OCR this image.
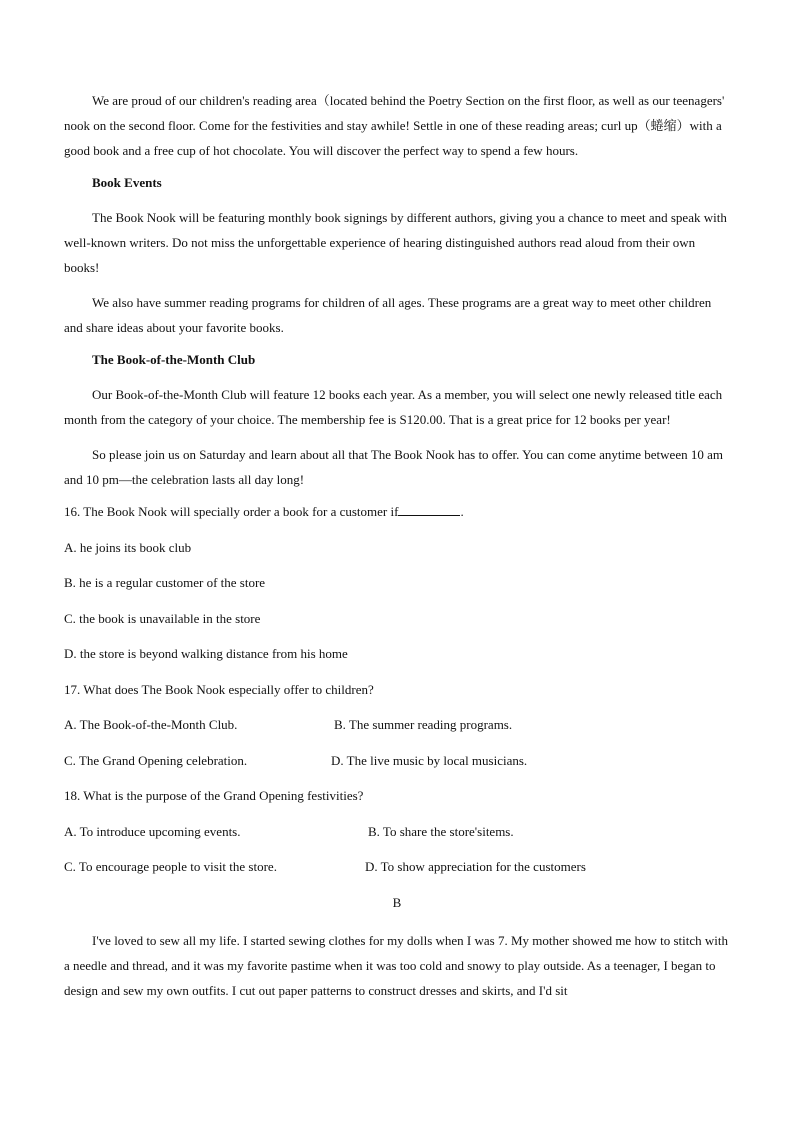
We are proud of our children's reading area（located behind the Poetry Section on the first floor, as well as our teenagers' nook on the second floor. Come for the festivities and stay awhile! Settle in one of these reading areas; curl up（蜷缩）with a good book and a free cup of hot chocolate. You will discover the perfect way to spend a few hours.

Book Events

The Book Nook will be featuring monthly book signings by different authors, giving you a chance to meet and speak with well-known writers. Do not miss the unforgettable experience of hearing distinguished authors read aloud from their own books!

We also have summer reading programs for children of all ages. These programs are a great way to meet other children and share ideas about your favorite books.

The Book-of-the-Month Club

Our Book-of-the-Month Club will feature 12 books each year. As a member, you will select one newly released title each month from the category of your choice. The membership fee is S120.00. That is a great price for 12 books per year!

So please join us on Saturday and learn about all that The Book Nook has to offer. You can come anytime between 10 am and 10 pm—the celebration lasts all day long!

16. The Book Nook will specially order a book for a customer if	.
A. he joins its book club
B. he is a regular customer of the store
C. the book is unavailable in the store
D. the store is beyond walking distance from his home
17. What does The Book Nook especially offer to children?
A. The Book-of-the-Month Club.	B. The summer reading programs.
C. The Grand Opening celebration.	D. The live music by local musicians.
18. What is the purpose of the Grand Opening festivities?
A. To introduce upcoming events.	B. To share the store'sitems.
C. To encourage people to visit the store.	D. To show appreciation for the customers
B

I've loved to sew all my life. I started sewing clothes for my dolls when I was 7. My mother showed me how to stitch with a needle and thread, and it was my favorite pastime when it was too cold and snowy to play outside. As a teenager, I began to design and sew my own outfits. I cut out paper patterns to construct dresses and skirts, and I'd sit
